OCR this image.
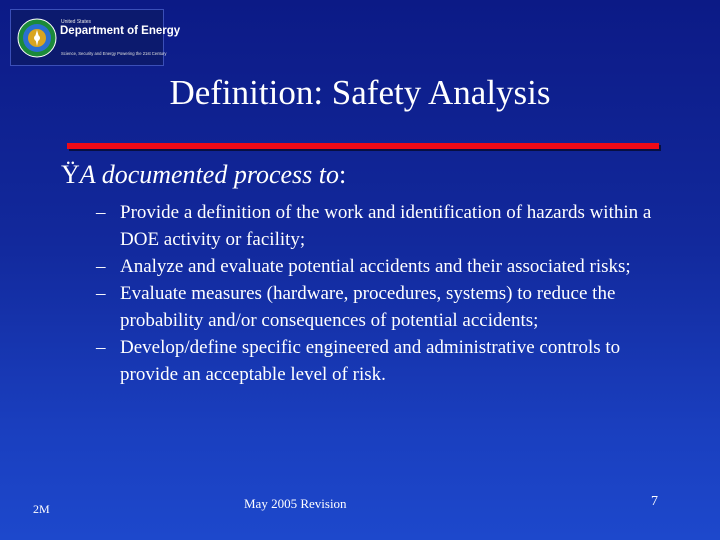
United States
Department of Energy
Science, Security and Energy Powering the 21st Century
Definition: Safety Analysis
ŸA documented process to:
– Provide a definition of the work and identification of hazards within a DOE activity or facility;
– Analyze and evaluate potential accidents and their associated risks;
– Evaluate measures (hardware, procedures, systems) to reduce the probability and/or consequences of potential accidents;
– Develop/define specific engineered and administrative controls to provide an acceptable level of risk.
2M	May 2005 Revision	7
